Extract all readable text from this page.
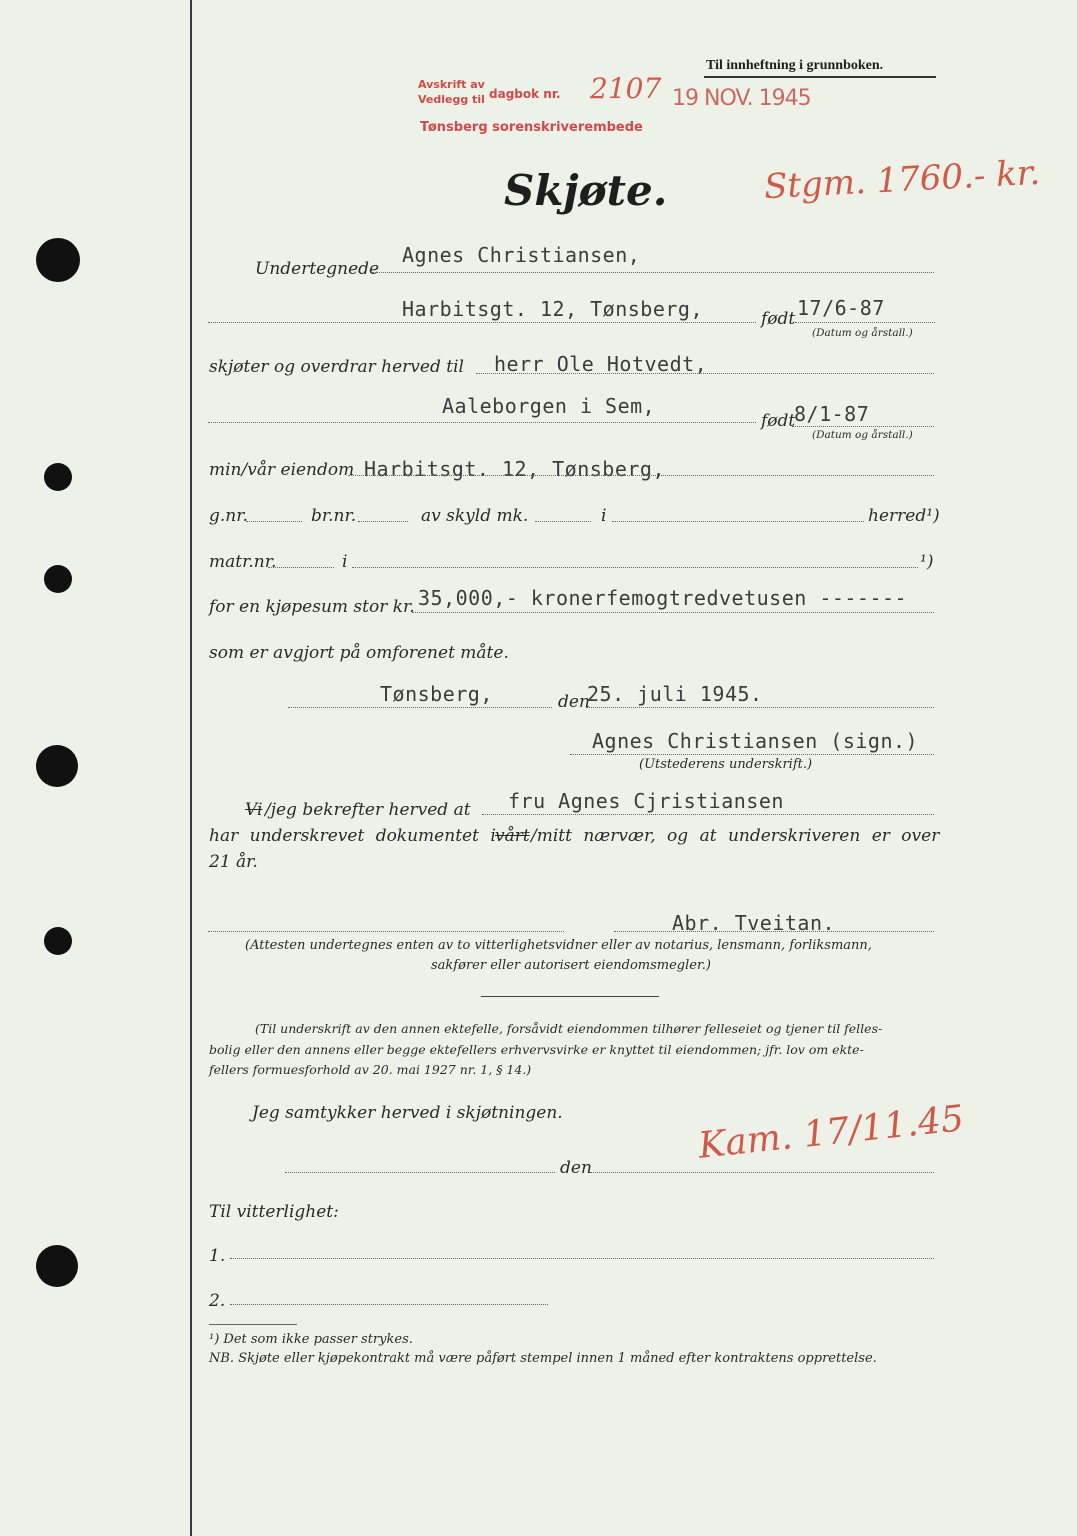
Til innheftning i grunnboken.
Avskrift av
Vedlegg til dagbok nr. 2107 19 NOV. 1945
Tønsberg sorenskriverembede
Stgm. 1760.- kr.
Skjøte.
Undertegnede
Agnes Christiansen,
Harbitsgt. 12, Tønsberg,	født 17/6-87
(Datum og årstall.)
skjøter og overdrar herved til herr Ole Hotvedt,
Aaleborgen i Sem,
født
8/1-87
(Datum og årstall.)
min/vår eiendom Harbitsgt. 12, Tønsberg,
g.nr.	br.nr.	av skyld mk.	i	herred¹)
matr.nr.	i	¹)
for en kjøpesum stor kr. 35,000,- kronerfemogtredvetusen -------
som er avgjort på omforenet måte.
Tønsberg,	den
25. juli 1945.
Agnes Christiansen (sign.)
(Utstederens underskrift.)
Vi /jeg bekrefter herved at fru Agnes Cjristiansen
har underskrevet dokumentet i vårt /mitt nærvær, og at underskriveren er over
21 år.
Abr. Tveitan.
(Attesten undertegnes enten av to vitterlighetsvidner eller av notarius, lensmann, forliksmann,
sakfører eller autorisert eiendomsmegler.)
(Til underskrift av den annen ektefelle, forsåvidt eiendommen tilhører felleseiet og tjener til felles-
bolig eller den annens eller begge ektefellers erhvervsvirke er knyttet til eiendommen; jfr. lov om ekte-
fellers formuesforhold av 20. mai 1927 nr. 1, § 14.)
Jeg samtykker herved i skjøtningen.	Kam. 17/11.45
den
Til vitterlighet:
1.
2.
¹) Det som ikke passer strykes.
NB. Skjøte eller kjøpekontrakt må være påført stempel innen 1 måned efter kontraktens opprettelse.
